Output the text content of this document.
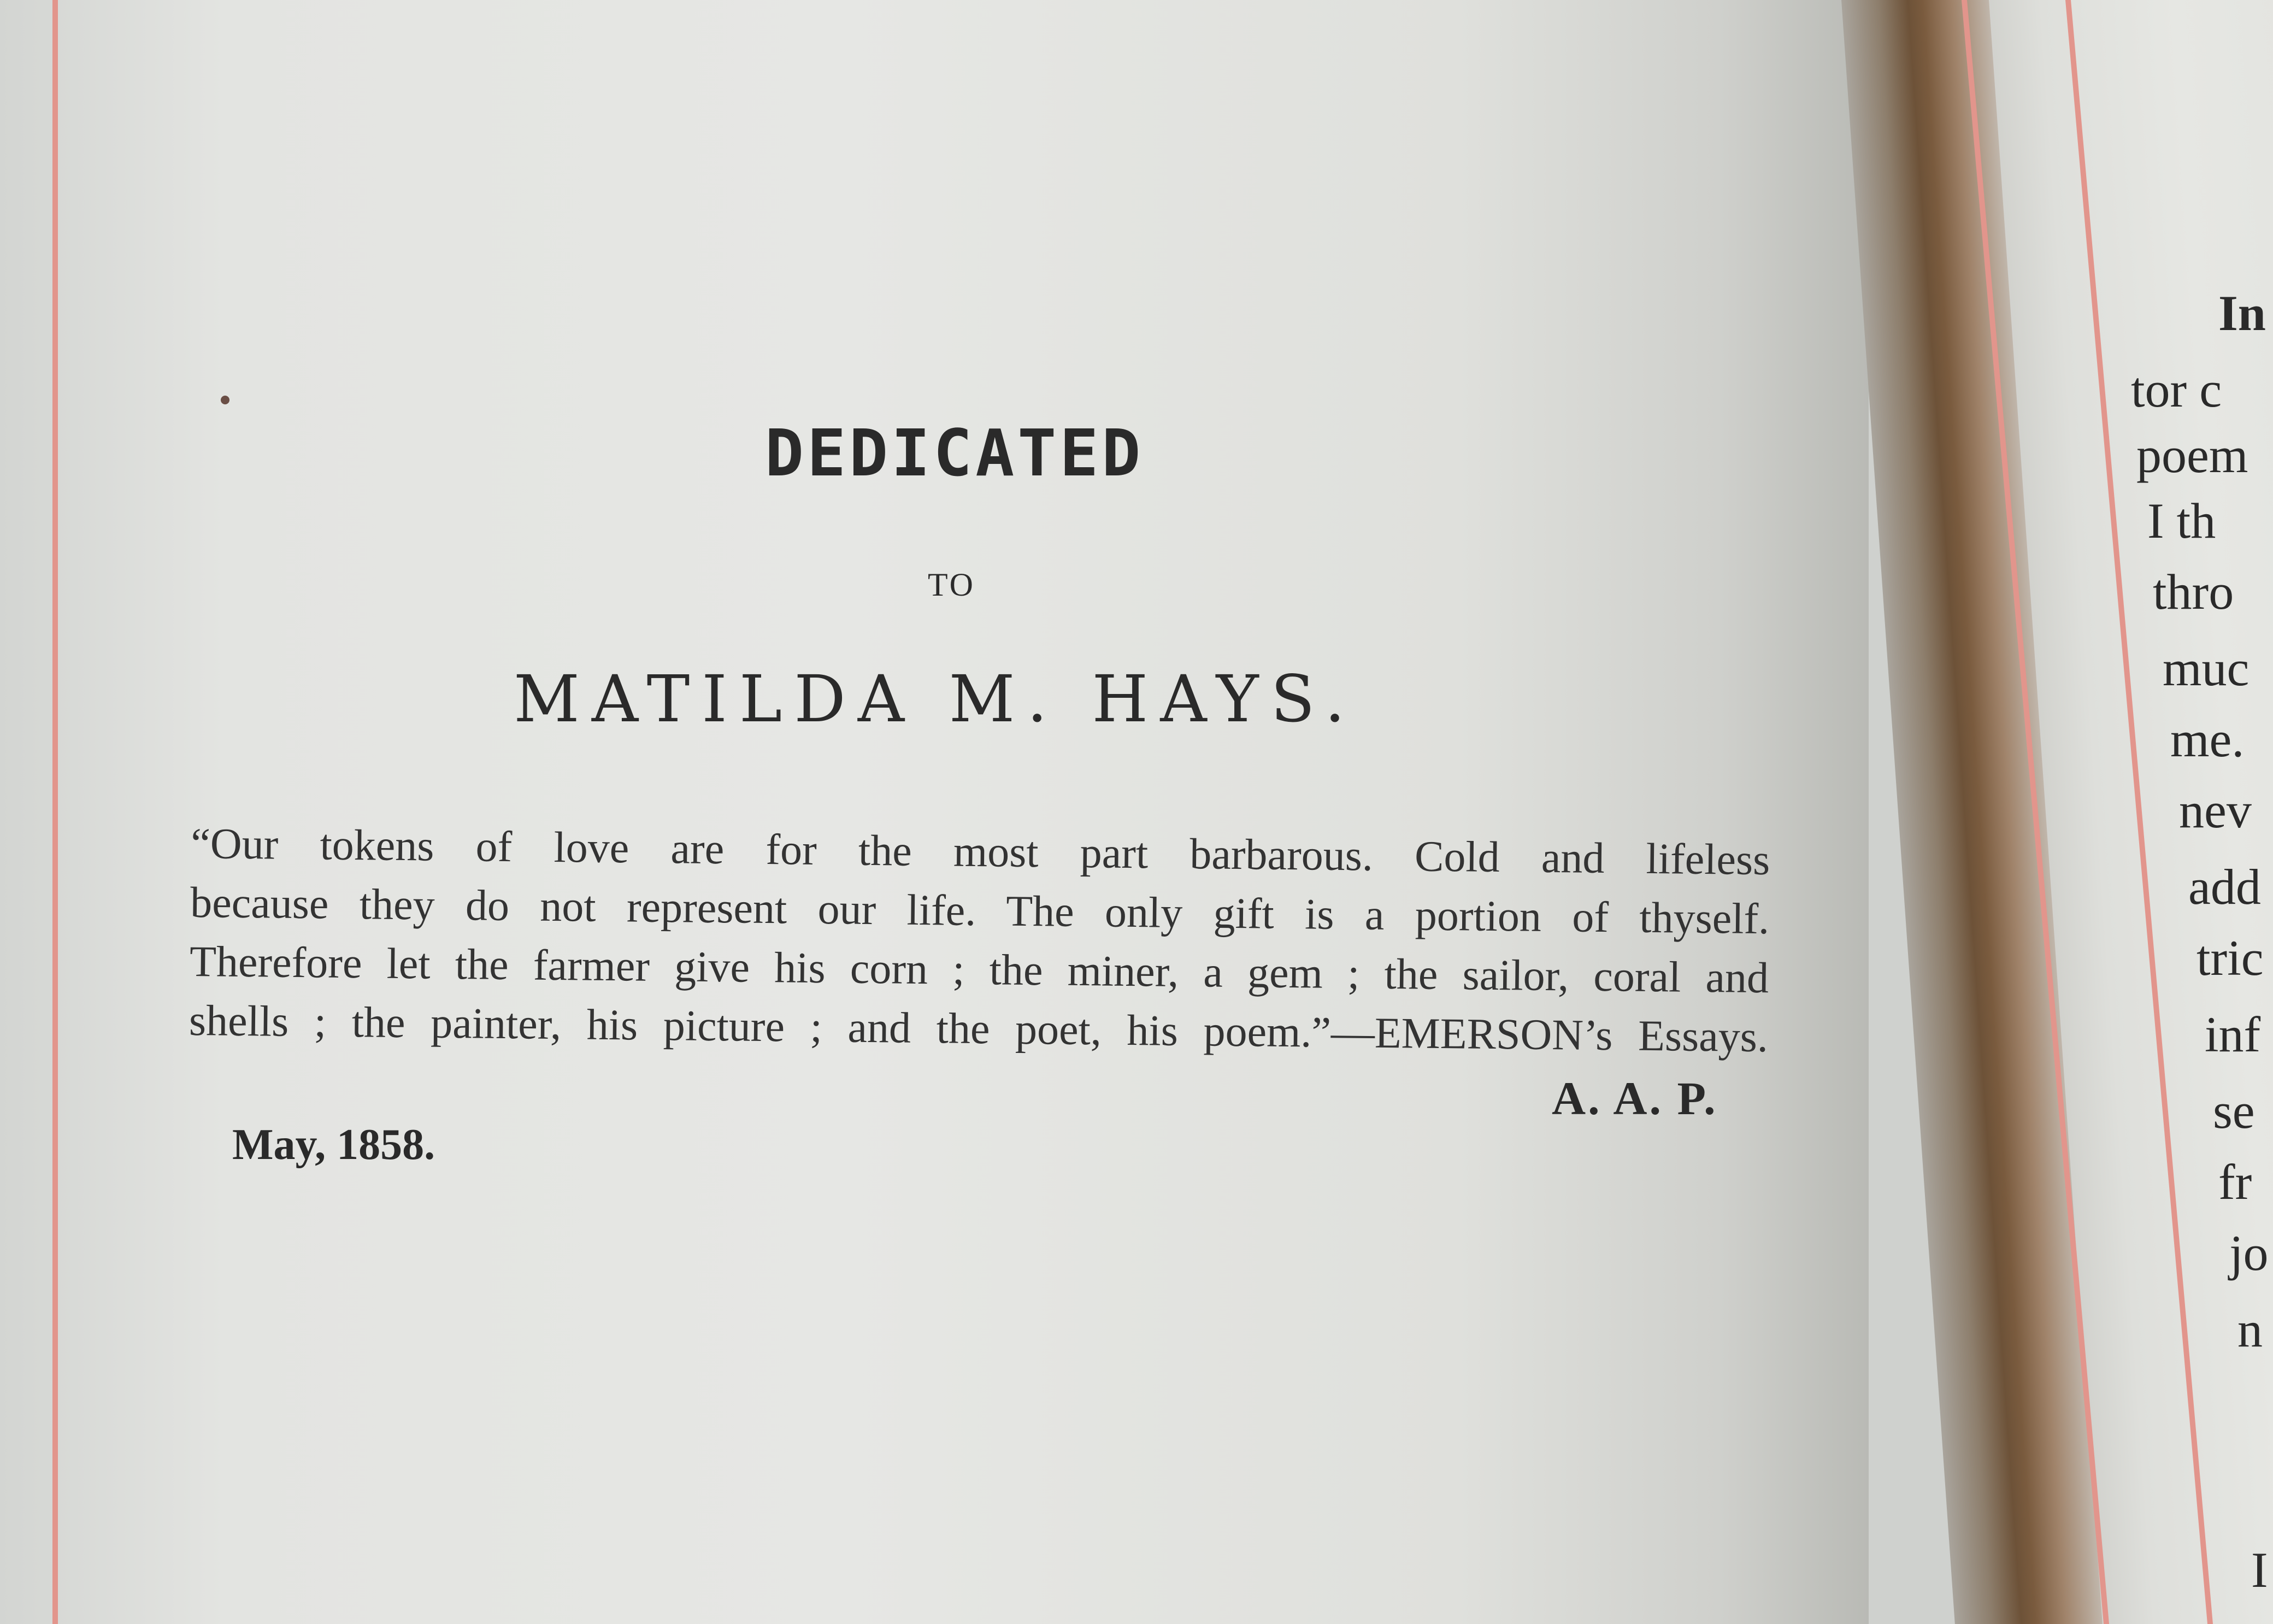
DEDICATED
TO
MATILDA M. HAYS.
“Our tokens of love are for the most part barbarous. Cold and lifeless
because they do not represent our life. The only gift is a portion of thyself.
Therefore let the farmer give his corn ; the miner, a gem ; the sailor, coral and
shells ; the painter, his picture ; and the poet, his poem.”—EMERSON’s Essays.
A. A. P.
May, 1858.
In
tor c
poem
I th
thro
muc
me.
nev
add
tric
inf
se
fr
jo
n
I
